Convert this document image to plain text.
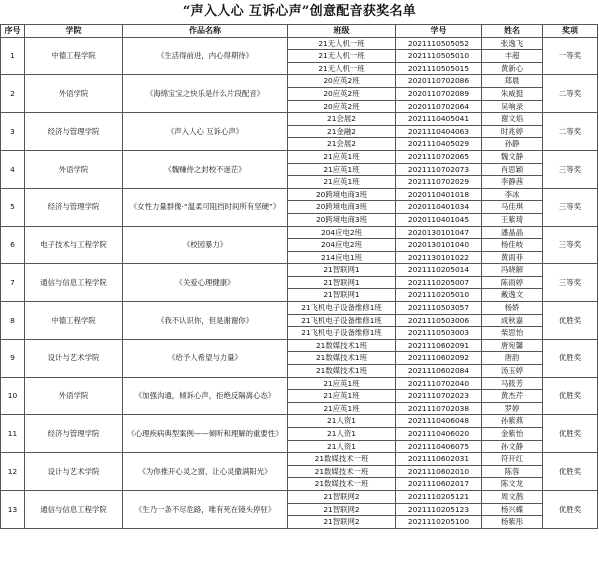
“声入人心 互诉心声”创意配音获奖名单
序号	学院	作品名称	班级	学号	姓名	奖项
1	中德工程学院	《生活得前进，内心得期待》	21无人机一班	2021110505052	张逸飞	一等奖
			21无人机一班	2021110505010	丰超	
			21无人机一班	2021110505015	黄新心	
2	外语学院	《海绵宝宝之快乐是什么片段配音》	20应英2班	2020110702086	郑晨	二等奖
			20应英2班	2020110702089	朱威挺	
			20应英2班	2020110702064	吴响录	
3	经济与管理学院	《声入人心 互诉心声》	21会展2	2021110405041	谢文焰	二等奖
			21金融2	2021110404063	时兆婷	
			21会展2	2021110405029	孙静	
4	外语学院	《魏赚侍之封校不迷茫》	21应英1班	2021110702065	魏文静	三等奖
			21应英1班	2021110702073	肖思颖	
			21应英1班	2021110702029	李静茜	
5	经济与管理学院	《女性力量群像·“温柔可阻挡时间所有坚硬”》	20跨境电商3班	2020110401018	李冰	三等奖
			20跨境电商3班	2020110401034	马佳琪	
			20跨境电商3班	2020110401045	王紫琦	
6	电子技术与工程学院	《校园暴力》	204应电2班	2020130101047	潘晶晶	三等奖
			204应电2班	2020130101040	杨佳岐	
			214应电1班	2021130101022	黄雨菲	
7	通信与信息工程学院	《关爱心理健康》	21智联网1	2021110205014	冯晓解	三等奖
			21智联网1	2021110205007	陈雨婷	
			21智联网1	2021110205010	戴逸文	
8	中德工程学院	《我不认识你，但是谢谢你》	21飞机电子设备维修1班	2021110503057	杨娇	优胜奖
			21飞机电子设备维修1班	2021110503006	成秋嘉	
			21飞机电子设备维修1班	2021110503003	柴思怡	
9	设计与艺术学院	《给予人希望与力量》	21数媒技术1班	2021110602091	唐宛馨	优胜奖
			21数媒技术1班	2021110602092	唐韵	
			21数媒技术1班	2021110602084	汤玉婷	
10	外语学院	《加强沟通，倾诉心声，拒绝反隔离心态》	21应英1班	2021110702040	马筱芳	优胜奖
			21应英1班	2021110702023	黄杰芹	
			21应英1班	2021110702038	罗婷	
11	经济与管理学院	《心理疾病典型案例——倾听和理解的重要性》	21人资1	2021110406048	孙紫燕	优胜奖
			21人资1	2021110406020	金紫怡	
			21人资1	2021110406075	孙文静	
12	设计与艺术学院	《为你推开心灵之窗，让心灵撒满阳光》	21数媒技术一班	2021110602031	符开红	优胜奖
			21数媒技术一班	2021110602010	陈蓉	
			21数媒技术一班	2021110602017	陈文龙	
13	通信与信息工程学院	《生乃一条不尽危路，唯有死在镜头停驻》	21智联网2	2021110205121	周文鹊	优胜奖
			21智联网2	2021110205123	杨兴蝶	
			21智联网2	2021110205100	杨紫彤	
